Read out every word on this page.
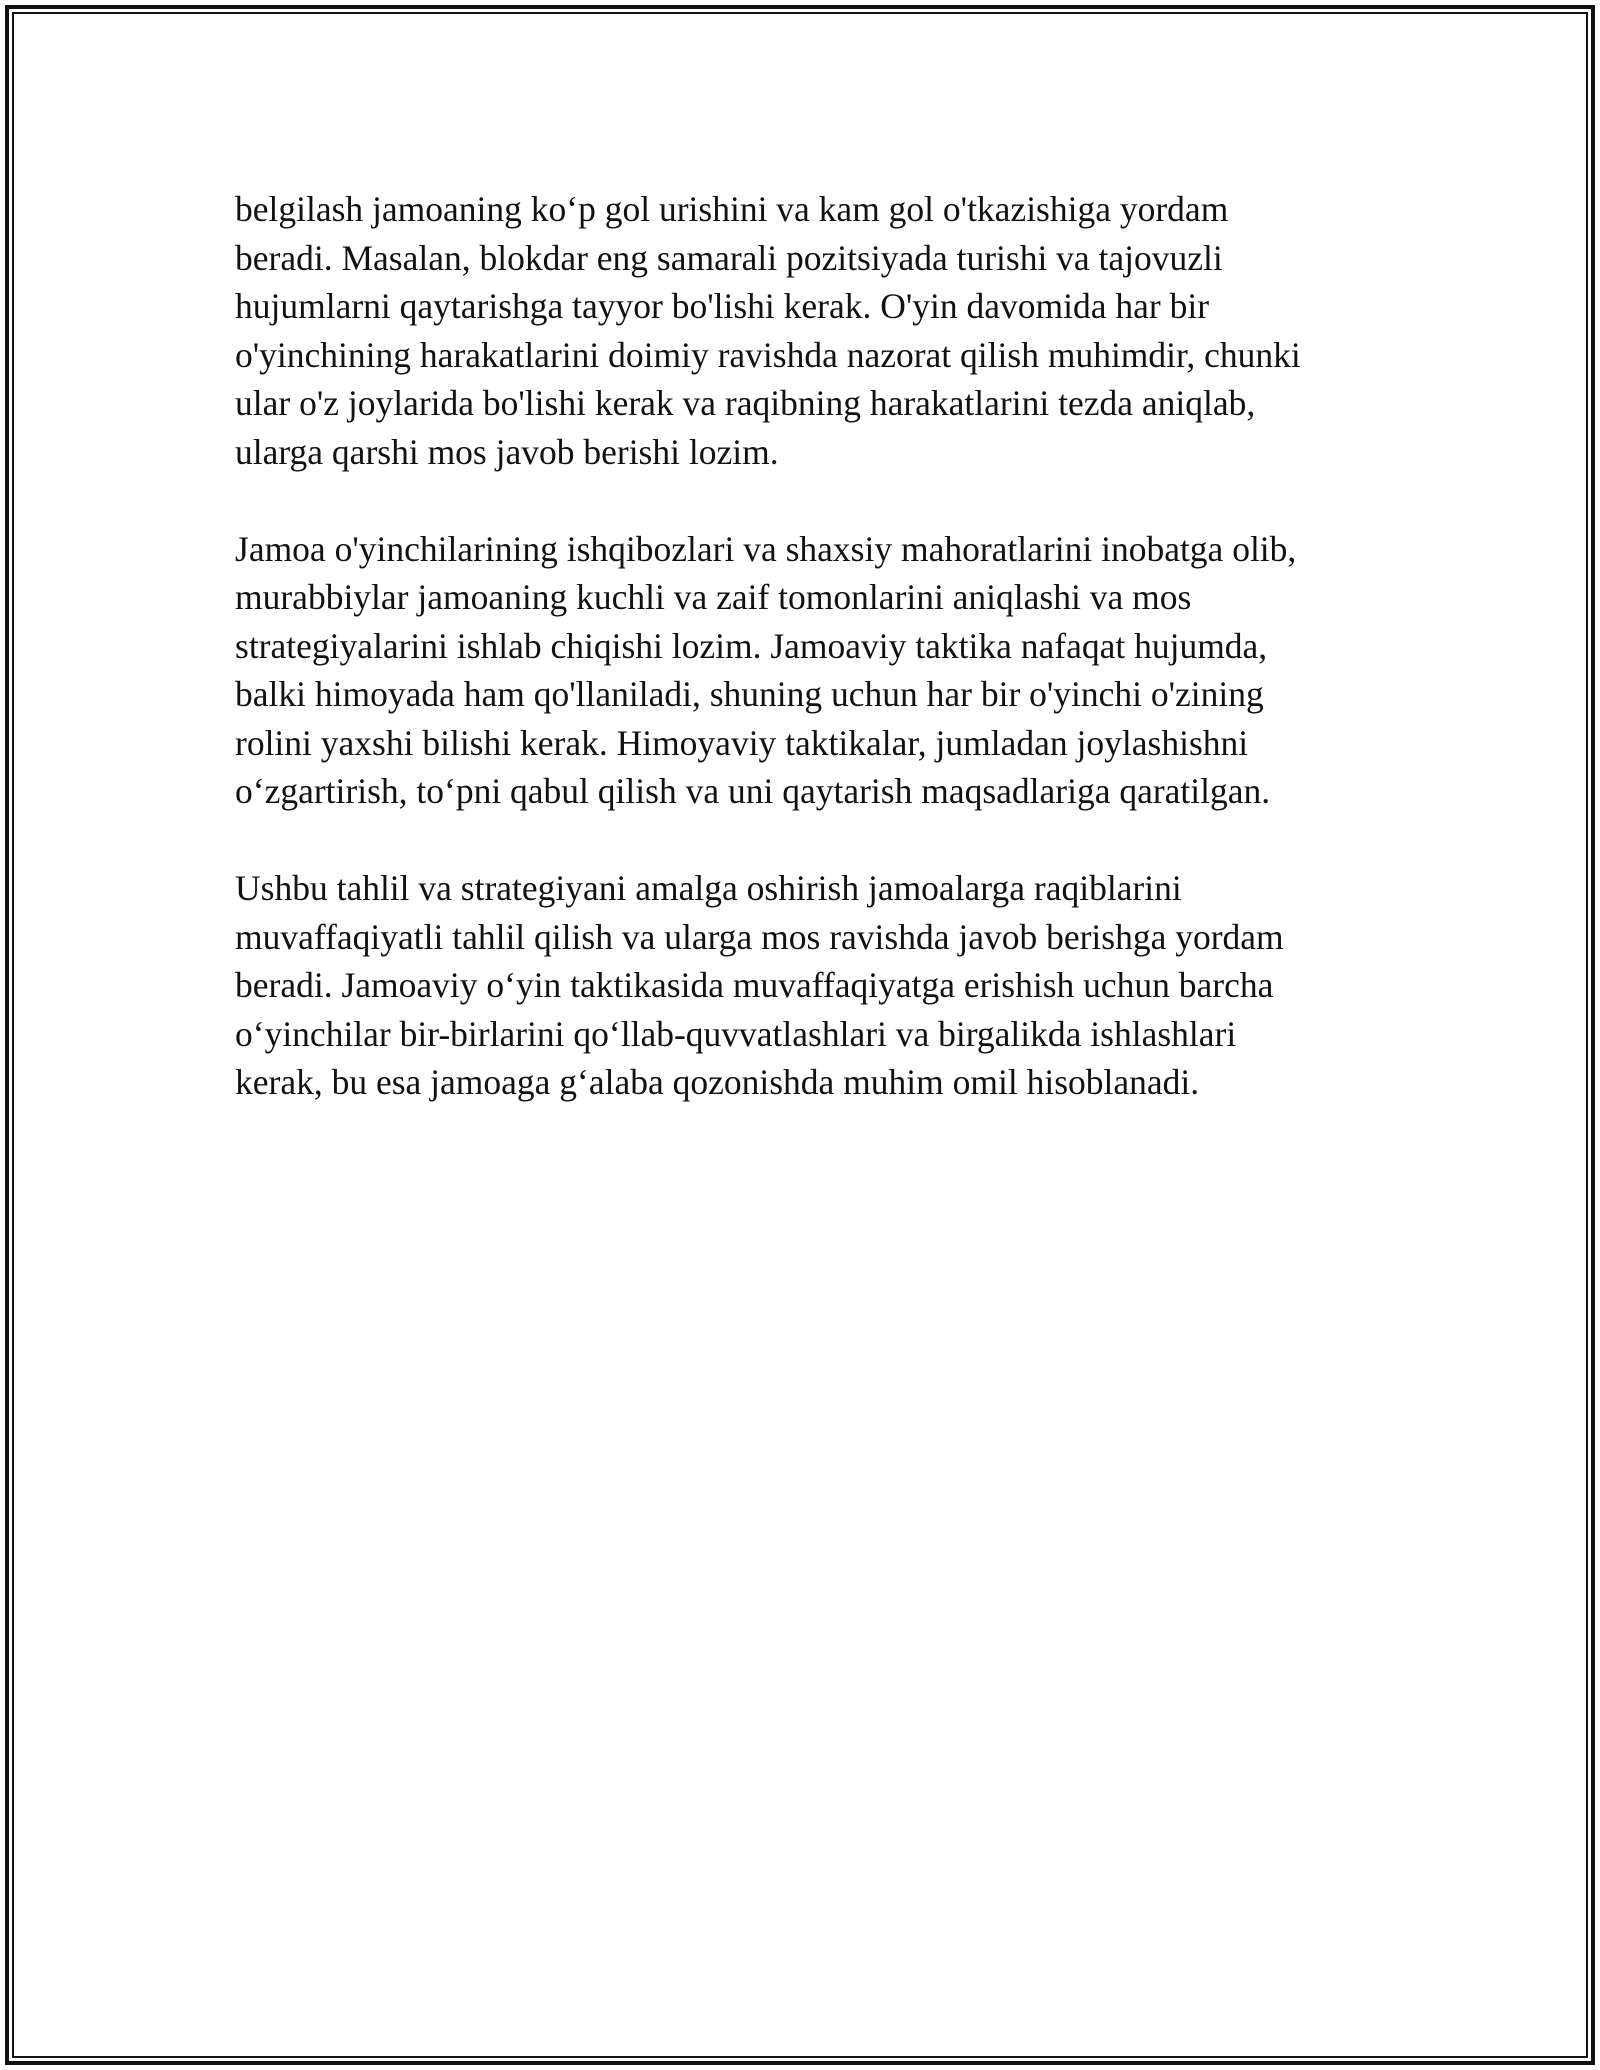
belgilash jamoaning ko‘p gol urishini va kam gol o'tkazishiga yordam
beradi. Masalan, blokdar eng samarali pozitsiyada turishi va tajovuzli
hujumlarni qaytarishga tayyor bo'lishi kerak. O'yin davomida har bir
o'yinchining harakatlarini doimiy ravishda nazorat qilish muhimdir, chunki
ular o'z joylarida bo'lishi kerak va raqibning harakatlarini tezda aniqlab,
ularga qarshi mos javob berishi lozim.

Jamoa o'yinchilarining ishqibozlari va shaxsiy mahoratlarini inobatga olib,
murabbiylar jamoaning kuchli va zaif tomonlarini aniqlashi va mos
strategiyalarini ishlab chiqishi lozim. Jamoaviy taktika nafaqat hujumda,
balki himoyada ham qo'llaniladi, shuning uchun har bir o'yinchi o'zining
rolini yaxshi bilishi kerak. Himoyaviy taktikalar, jumladan joylashishni
o‘zgartirish, to‘pni qabul qilish va uni qaytarish maqsadlariga qaratilgan.

Ushbu tahlil va strategiyani amalga oshirish jamoalarga raqiblarini
muvaffaqiyatli tahlil qilish va ularga mos ravishda javob berishga yordam
beradi. Jamoaviy o‘yin taktikasida muvaffaqiyatga erishish uchun barcha
o‘yinchilar bir-birlarini qo‘llab-quvvatlashlari va birgalikda ishlashlari
kerak, bu esa jamoaga g‘alaba qozonishda muhim omil hisoblanadi.
